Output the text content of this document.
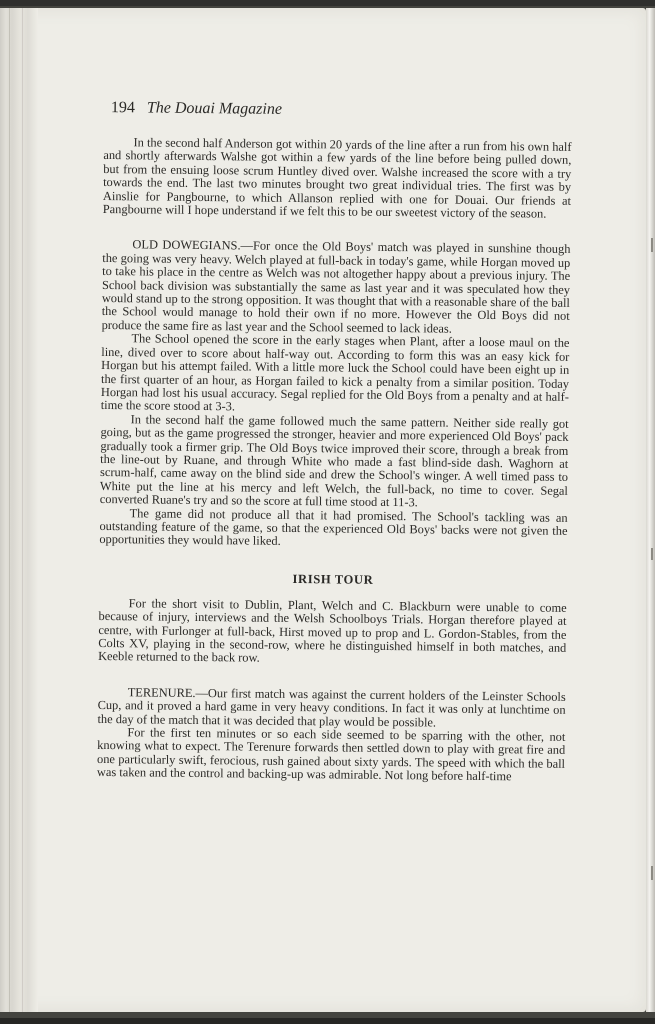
194 The Douai Magazine

In the second half Anderson got within 20 yards of the line after a run from his own half and shortly afterwards Walshe got within a few yards of the line before being pulled down, but from the ensuing loose scrum Huntley dived over. Walshe increased the score with a try towards the end. The last two minutes brought two great individual tries. The first was by Ainslie for Pangbourne, to which Allanson replied with one for Douai. Our friends at Pangbourne will I hope understand if we felt this to be our sweetest victory of the season.

OLD DOWEGIANS.—For once the Old Boys' match was played in sunshine though the going was very heavy. Welch played at full-back in today's game, while Horgan moved up to take his place in the centre as Welch was not altogether happy about a previous injury. The School back division was substantially the same as last year and it was speculated how they would stand up to the strong opposition. It was thought that with a reasonable share of the ball the School would manage to hold their own if no more. However the Old Boys did not produce the same fire as last year and the School seemed to lack ideas.

The School opened the score in the early stages when Plant, after a loose maul on the line, dived over to score about half-way out. According to form this was an easy kick for Horgan but his attempt failed. With a little more luck the School could have been eight up in the first quarter of an hour, as Horgan failed to kick a penalty from a similar position. Today Horgan had lost his usual accuracy. Segal replied for the Old Boys from a penalty and at half-time the score stood at 3-3.

In the second half the game followed much the same pattern. Neither side really got going, but as the game progressed the stronger, heavier and more experienced Old Boys' pack gradually took a firmer grip. The Old Boys twice improved their score, through a break from the line-out by Ruane, and through White who made a fast blind-side dash. Waghorn at scrum-half, came away on the blind side and drew the School's winger. A well timed pass to White put the line at his mercy and left Welch, the full-back, no time to cover. Segal converted Ruane's try and so the score at full time stood at 11-3.

The game did not produce all that it had promised. The School's tackling was an outstanding feature of the game, so that the experienced Old Boys' backs were not given the opportunities they would have liked.

IRISH TOUR

For the short visit to Dublin, Plant, Welch and C. Blackburn were unable to come because of injury, interviews and the Welsh Schoolboys Trials. Horgan therefore played at centre, with Furlonger at full-back, Hirst moved up to prop and L. Gordon-Stables, from the Colts XV, playing in the second-row, where he distinguished himself in both matches, and Keeble returned to the back row.

TERENURE.—Our first match was against the current holders of the Leinster Schools Cup, and it proved a hard game in very heavy conditions. In fact it was only at lunchtime on the day of the match that it was decided that play would be possible.

For the first ten minutes or so each side seemed to be sparring with the other, not knowing what to expect. The Terenure forwards then settled down to play with great fire and one particularly swift, ferocious, rush gained about sixty yards. The speed with which the ball was taken and the control and backing-up was admirable. Not long before half-time
